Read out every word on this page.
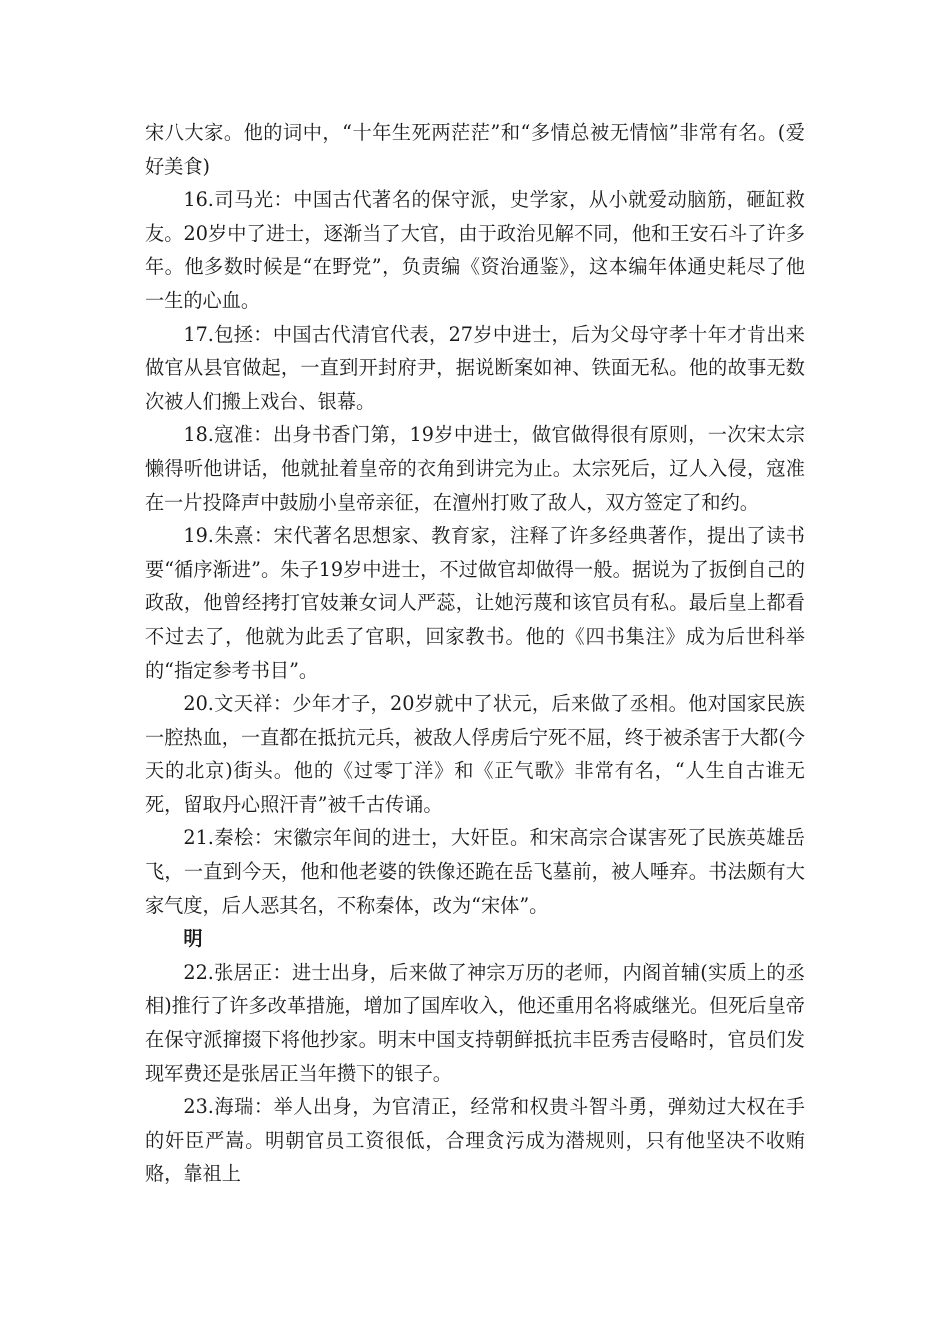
宋八大家。他的词中，“十年生死两茫茫”和“多情总被无情恼”非常有名。(爱好美食)

16.司马光：中国古代著名的保守派，史学家，从小就爱动脑筋，砸缸救友。20岁中了进士，逐渐当了大官，由于政治见解不同，他和王安石斗了许多年。他多数时候是“在野党”，负责编《资治通鉴》，这本编年体通史耗尽了他一生的心血。

17.包拯：中国古代清官代表，27岁中进士，后为父母守孝十年才肯出来做官从县官做起，一直到开封府尹，据说断案如神、铁面无私。他的故事无数次被人们搬上戏台、银幕。

18.寇准：出身书香门第，19岁中进士，做官做得很有原则，一次宋太宗懒得听他讲话，他就扯着皇帝的衣角到讲完为止。太宗死后，辽人入侵，寇准在一片投降声中鼓励小皇帝亲征，在澶州打败了敌人，双方签定了和约。

19.朱熹：宋代著名思想家、教育家，注释了许多经典著作，提出了读书要“循序渐进”。朱子19岁中进士，不过做官却做得一般。据说为了扳倒自己的政敌，他曾经拷打官妓兼女词人严蕊，让她污蔑和该官员有私。最后皇上都看不过去了，他就为此丢了官职，回家教书。他的《四书集注》成为后世科举的“指定参考书目”。

20.文天祥：少年才子，20岁就中了状元，后来做了丞相。他对国家民族一腔热血，一直都在抵抗元兵，被敌人俘虏后宁死不屈，终于被杀害于大都(今天的北京)街头。他的《过零丁洋》和《正气歌》非常有名，“人生自古谁无死，留取丹心照汗青”被千古传诵。

21.秦桧：宋徽宗年间的进士，大奸臣。和宋高宗合谋害死了民族英雄岳飞，一直到今天，他和他老婆的铁像还跪在岳飞墓前，被人唾弃。书法颇有大家气度，后人恶其名，不称秦体，改为“宋体”。

明

22.张居正：进士出身，后来做了神宗万历的老师，内阁首辅(实质上的丞相)推行了许多改革措施，增加了国库收入，他还重用名将戚继光。但死后皇帝在保守派撺掇下将他抄家。明末中国支持朝鲜抵抗丰臣秀吉侵略时，官员们发现军费还是张居正当年攒下的银子。

23.海瑞：举人出身，为官清正，经常和权贵斗智斗勇，弹劾过大权在手的奸臣严嵩。明朝官员工资很低，合理贪污成为潜规则，只有他坚决不收贿赂，靠祖上
